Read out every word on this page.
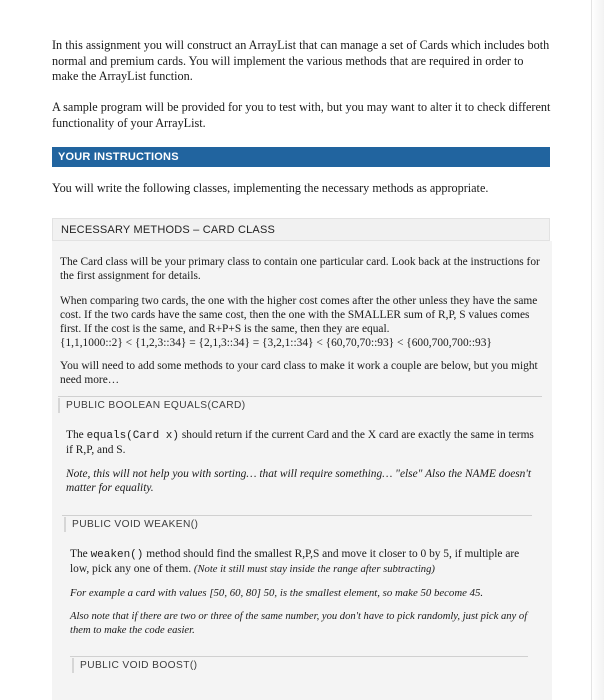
In this assignment you will construct an ArrayList that can manage a set of Cards which includes both normal and premium cards. You will implement the various methods that are required in order to make the ArrayList function.

A sample program will be provided for you to test with, but you may want to alter it to check different functionality of your ArrayList.

YOUR INSTRUCTIONS

You will write the following classes, implementing the necessary methods as appropriate.

NECESSARY METHODS – CARD CLASS

The Card class will be your primary class to contain one particular card. Look back at the instructions for the first assignment for details.

When comparing two cards, the one with the higher cost comes after the other unless they have the same cost. If the two cards have the same cost, then the one with the SMALLER sum of R,P, S values comes first. If the cost is the same, and R+P+S is the same, then they are equal.

{1,1,1000::2} < {1,2,3::34} = {2,1,3::34} = {3,2,1::34} < {60,70,70::93} < {600,700,700::93}

You will need to add some methods to your card class to make it work a couple are below, but you might need more…

PUBLIC BOOLEAN EQUALS(CARD)

The equals(Card x) should return if the current Card and the X card are exactly the same in terms if R,P, and S.

Note, this will not help you with sorting… that will require something… "else" Also the NAME doesn't matter for equality.

PUBLIC VOID WEAKEN()

The weaken() method should find the smallest R,P,S and move it closer to 0 by 5, if multiple are low, pick any one of them. (Note it still must stay inside the range after subtracting)

For example a card with values [50, 60, 80] 50, is the smallest element, so make 50 become 45.

Also note that if there are two or three of the same number, you don't have to pick randomly, just pick any of them to make the code easier.

PUBLIC VOID BOOST()
